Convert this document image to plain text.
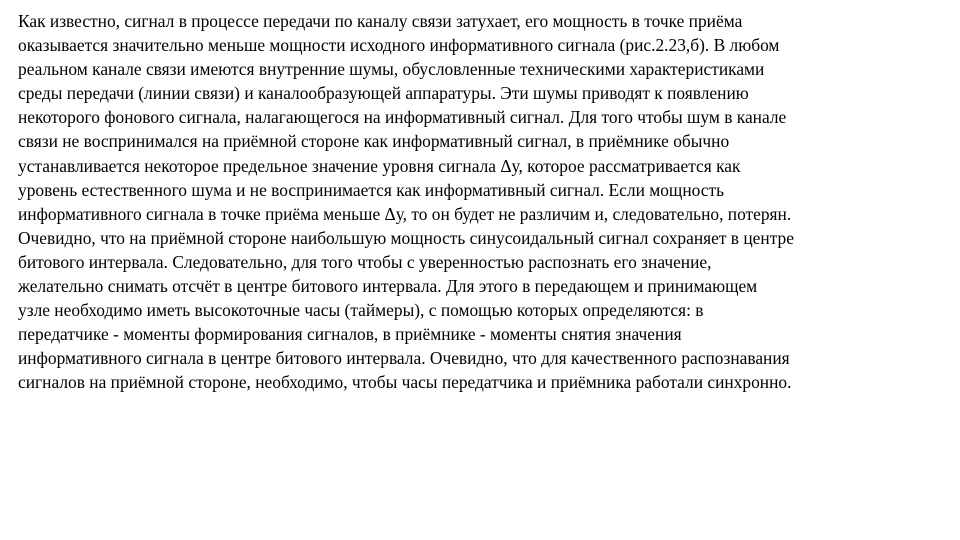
Как известно, сигнал в процессе передачи по каналу связи затухает, его мощность в точке приёма
оказывается значительно меньше мощности исходного информативного сигнала (рис.2.23,б). В любом
реальном канале связи имеются внутренние шумы, обусловленные техническими характеристиками
среды передачи (линии связи) и каналообразующей аппаратуры. Эти шумы приводят к появлению
некоторого фонового сигнала, налагающегося на информативный сигнал. Для того чтобы шум в канале
связи не воспринимался на приёмной стороне как информативный сигнал, в приёмнике обычно
устанавливается некоторое предельное значение уровня сигнала Δу, которое рассматривается как
уровень естественного шума и не воспринимается как информативный сигнал. Если мощность
информативного сигнала в точке приёма меньше Δу, то он будет не различим и, следовательно, потерян.
Очевидно, что на приёмной стороне наибольшую мощность синусоидальный сигнал сохраняет в центре
битового интервала. Следовательно, для того чтобы с уверенностью распознать его значение,
желательно снимать отсчёт в центре битового интервала. Для этого в передающем и принимающем
узле необходимо иметь высокоточные часы (таймеры), с помощью которых определяются: в
передатчике - моменты формирования сигналов, в приёмнике - моменты снятия значения
информативного сигнала в центре битового интервала. Очевидно, что для качественного распознавания
сигналов на приёмной стороне, необходимо, чтобы часы передатчика и приёмника работали синхронно.
